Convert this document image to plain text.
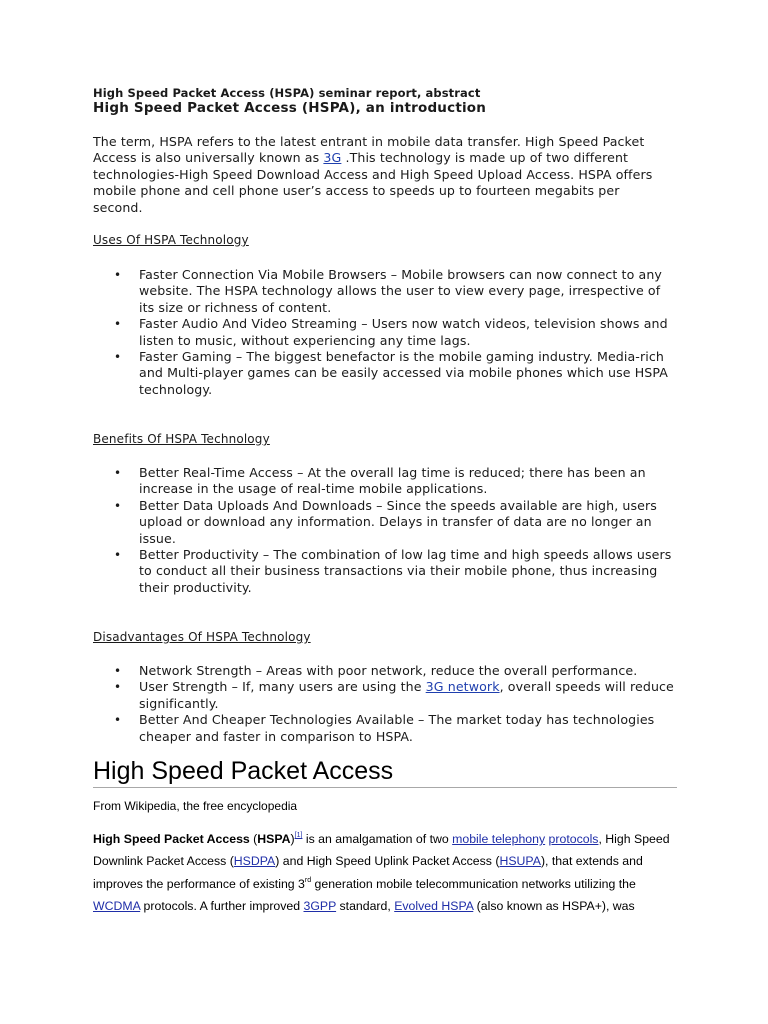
High Speed Packet Access (HSPA) seminar report, abstract
High Speed Packet Access (HSPA), an introduction
The term, HSPA refers to the latest entrant in mobile data transfer. High Speed Packet
Access is also universally known as 3G .This technology is made up of two different
technologies-High Speed Download Access and High Speed Upload Access. HSPA offers
mobile phone and cell phone user’s access to speeds up to fourteen megabits per
second.
Uses Of HSPA Technology
• Faster Connection Via Mobile Browsers – Mobile browsers can now connect to any website. The HSPA technology allows the user to view every page, irrespective of its size or richness of content.
• Faster Audio And Video Streaming – Users now watch videos, television shows and listen to music, without experiencing any time lags.
• Faster Gaming – The biggest benefactor is the mobile gaming industry. Media-rich and Multi-player games can be easily accessed via mobile phones which use HSPA technology.
Benefits Of HSPA Technology
• Better Real-Time Access – At the overall lag time is reduced; there has been an increase in the usage of real-time mobile applications.
• Better Data Uploads And Downloads – Since the speeds available are high, users upload or download any information. Delays in transfer of data are no longer an issue.
• Better Productivity – The combination of low lag time and high speeds allows users to conduct all their business transactions via their mobile phone, thus increasing their productivity.
Disadvantages Of HSPA Technology
• Network Strength – Areas with poor network, reduce the overall performance.
• User Strength – If, many users are using the 3G network, overall speeds will reduce significantly.
• Better And Cheaper Technologies Available – The market today has technologies cheaper and faster in comparison to HSPA.
High Speed Packet Access
From Wikipedia, the free encyclopedia
High Speed Packet Access (HSPA)[1] is an amalgamation of two mobile telephony protocols, High Speed Downlink Packet Access (HSDPA) and High Speed Uplink Packet Access (HSUPA), that extends and improves the performance of existing 3rd generation mobile telecommunication networks utilizing the WCDMA protocols. A further improved 3GPP standard, Evolved HSPA (also known as HSPA+), was
